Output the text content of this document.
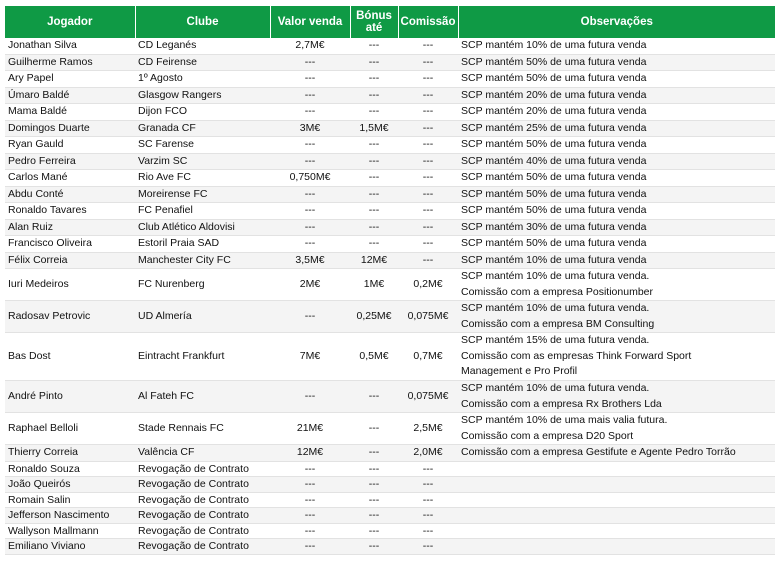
Jogador	Clube	Valor venda	Bónus até	Comissão	Observações
Jonathan Silva	CD Leganés	2,7M€	---	---	SCP mantém 10% de uma futura venda

Guilherme Ramos	CD Feirense	---	---	---	SCP mantém 50% de uma futura venda

Ary Papel	1º Agosto	---	---	---	SCP mantém 50% de uma futura venda

Úmaro Baldé	Glasgow Rangers	---	---	---	SCP mantém 20% de uma futura venda

Mama Baldé	Dijon FCO	---	---	---	SCP mantém 20% de uma futura venda

Domingos Duarte	Granada CF	3M€	1,5M€	---	SCP mantém 25% de uma futura venda

Ryan Gauld	SC Farense	---	---	---	SCP mantém 50% de uma futura venda

Pedro Ferreira	Varzim SC	---	---	---	SCP mantém 40% de uma futura venda

Carlos Mané	Rio Ave FC	0,750M€	---	---	SCP mantém 50% de uma futura venda

Abdu Conté	Moreirense FC	---	---	---	SCP mantém 50% de uma futura venda

Ronaldo Tavares	FC Penafiel	---	---	---	SCP mantém 50% de uma futura venda

Alan Ruiz	Club Atlético Aldovisi	---	---	---	SCP mantém 30% de uma futura venda

Francisco Oliveira	Estoril Praia SAD	---	---	---	SCP mantém 50% de uma futura venda

Félix Correia	Manchester City FC	3,5M€	12M€	---	SCP mantém 10% de uma futura venda

Iuri Medeiros	FC Nurenberg	2M€	1M€	0,2M€	SCP mantém 10% de uma futura venda.
Comissão com a empresa Positionumber

Radosav Petrovic	UD Almería	---	0,25M€	0,075M€	SCP mantém 10% de uma futura venda.
Comissão com a empresa BM Consulting

Bas Dost	Eintracht Frankfurt	7M€	0,5M€	0,7M€	SCP mantém 15% de uma futura venda.
Comissão com as empresas Think Forward Sport
Management e Pro Profil

André Pinto	Al Fateh FC	---	---	0,075M€	SCP mantém 10% de uma futura venda.
Comissão com a empresa Rx Brothers Lda

Raphael Belloli	Stade Rennais FC	21M€	---	2,5M€	SCP mantém 10% de uma mais valia futura.
Comissão com a empresa D20 Sport

Thierry Correia	Valência CF	12M€	---	2,0M€	Comissão com a empresa Gestifute e Agente Pedro Torrão

Ronaldo Souza	Revogação de Contrato	---	---	---	
João Queirós	Revogação de Contrato	---	---	---	
Romain Salin	Revogação de Contrato	---	---	---	
Jefferson Nascimento	Revogação de Contrato	---	---	---	
Wallyson Mallmann	Revogação de Contrato	---	---	---	
Emiliano Viviano	Revogação de Contrato	---	---	---	
